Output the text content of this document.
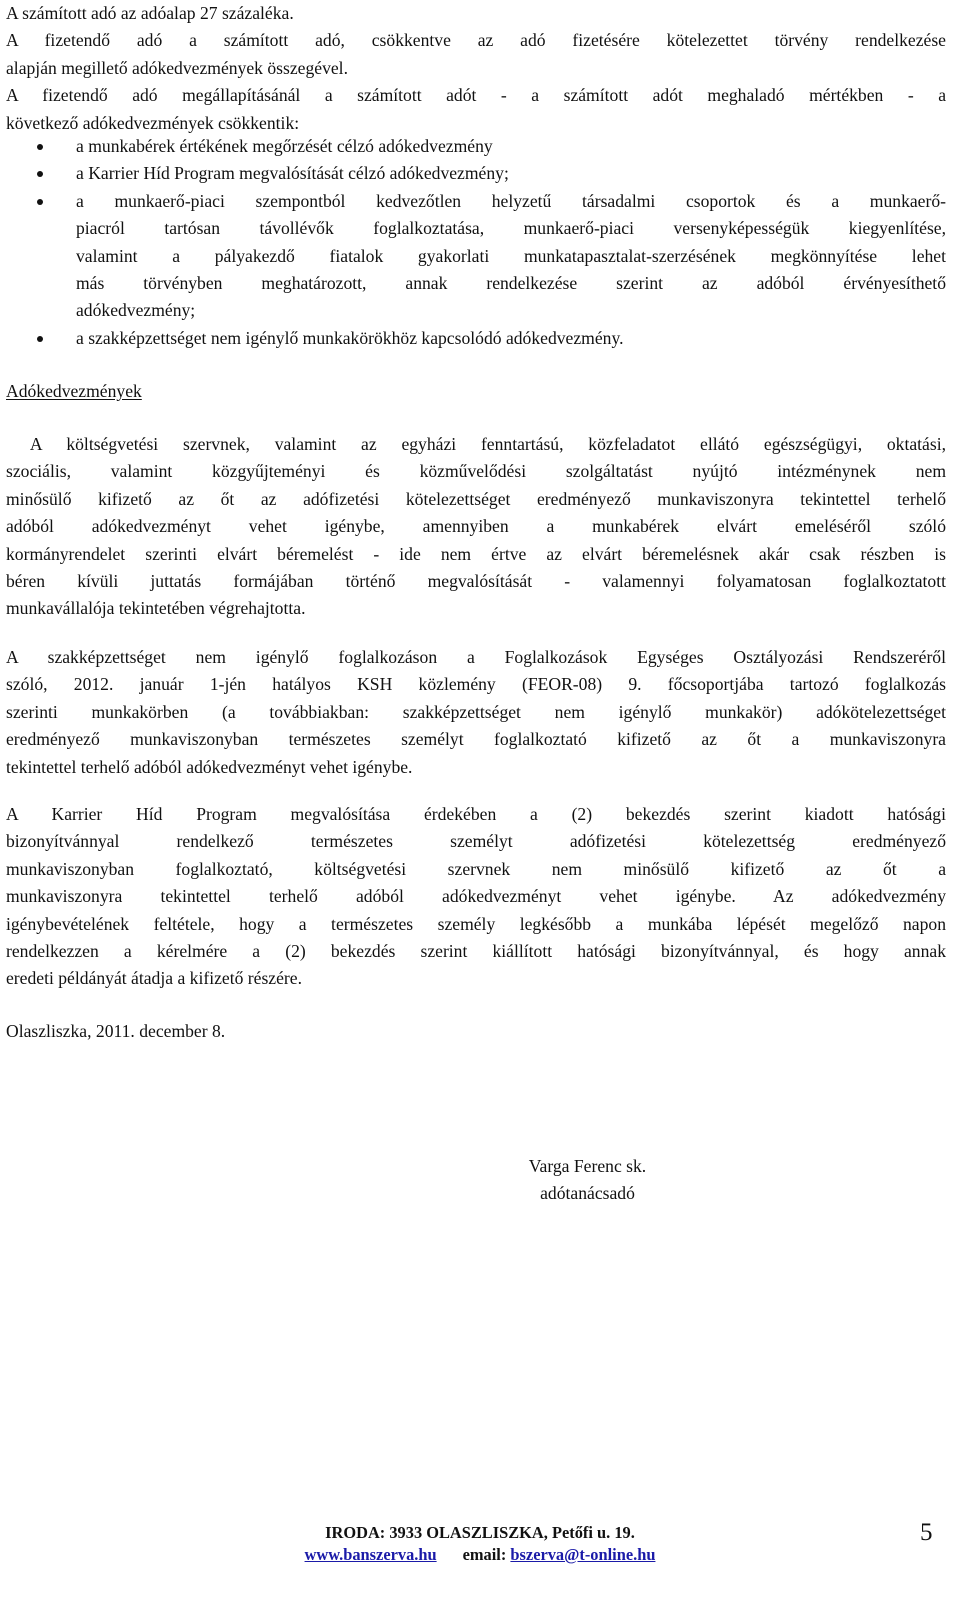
A számított adó az adóalap 27 százaléka.
A fizetendő adó a számított adó, csökkentve az adó fizetésére kötelezettet törvény rendelkezése
alapján megillető adókedvezmények összegével.
A fizetendő adó megállapításánál a számított adót - a számított adót meghaladó mértékben - a
következő adókedvezmények csökkentik:
a munkabérek értékének megőrzését célzó adókedvezmény
a Karrier Híd Program megvalósítását célzó adókedvezmény;
a munkaerő-piaci szempontból kedvezőtlen helyzetű társadalmi csoportok és a munkaerő-
piacról tartósan távollévők foglalkoztatása, munkaerő-piaci versenyképességük kiegyenlítése,
valamint a pályakezdő fiatalok gyakorlati munkatapasztalat-szerzésének megkönnyítése lehet
más törvényben meghatározott, annak rendelkezése szerint az adóból érvényesíthető
adókedvezmény;
a szakképzettséget nem igénylő munkakörökhöz kapcsolódó adókedvezmény.
Adókedvezmények
A költségvetési szervnek, valamint az egyházi fenntartású, közfeladatot ellátó egészségügyi, oktatási,
szociális, valamint közgyűjteményi és közművelődési szolgáltatást nyújtó intézménynek nem
minősülő kifizető az őt az adófizetési kötelezettséget eredményező munkaviszonyra tekintettel terhelő
adóból adókedvezményt vehet igénybe, amennyiben a munkabérek elvárt emeléséről szóló
kormányrendelet szerinti elvárt béremelést - ide nem értve az elvárt béremelésnek akár csak részben is
béren kívüli juttatás formájában történő megvalósítását - valamennyi folyamatosan foglalkoztatott
munkavállalója tekintetében végrehajtotta.
A szakképzettséget nem igénylő foglalkozáson a Foglalkozások Egységes Osztályozási Rendszeréről
szóló, 2012. január 1-jén hatályos KSH közlemény (FEOR-08) 9. főcsoportjába tartozó foglalkozás
szerinti munkakörben (a továbbiakban: szakképzettséget nem igénylő munkakör) adókötelezettséget
eredményező munkaviszonyban természetes személyt foglalkoztató kifizető az őt a munkaviszonyra
tekintettel terhelő adóból adókedvezményt vehet igénybe.
A Karrier Híd Program megvalósítása érdekében a (2) bekezdés szerint kiadott hatósági
bizonyítvánnyal rendelkező természetes személyt adófizetési kötelezettség eredményező
munkaviszonyban foglalkoztató, költségvetési szervnek nem minősülő kifizető az őt a
munkaviszonyra tekintettel terhelő adóból adókedvezményt vehet igénybe. Az adókedvezmény
igénybevételének feltétele, hogy a természetes személy legkésőbb a munkába lépését megelőző napon
rendelkezzen a kérelmére a (2) bekezdés szerint kiállított hatósági bizonyítvánnyal, és hogy annak
eredeti példányát átadja a kifizető részére.
Olaszliszka, 2011. december 8.
Varga Ferenc sk.
adótanácsadó
IRODA: 3933 OLASZLISZKA, Petőfi u. 19.
www.banszerva.hu email: bszerva@t-online.hu
5
